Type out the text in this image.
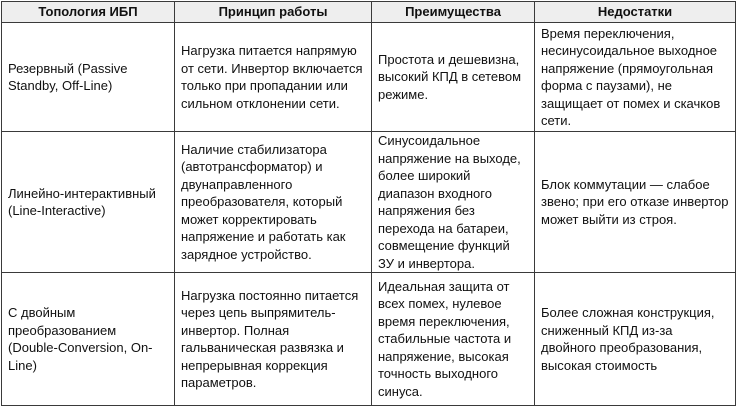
Топология ИБП	Принцип работы	Преимущества	Недостатки
Резервный (Passive Standby, Off-Line)	Нагрузка питается напрямую от сети. Инвертор включается только при пропадании или сильном отклонении сети.	Простота и дешевизна, высокий КПД в сетевом режиме.	Время переключения, несинусоидальное выходное напряжение (прямоугольная форма с паузами), не защищает от помех и скачков сети.
Линейно-интерактивный (Line-Interactive)	Наличие стабилизатора (автотрансформатор) и двунаправленного преобразователя, который может корректировать напряжение и работать как зарядное устройство.	Синусоидальное напряжение на выходе, более широкий диапазон входного напряжения без перехода на батареи, совмещение функций ЗУ и инвертора.	Блок коммутации — слабое звено; при его отказе инвертор может выйти из строя.
С двойным преобразованием (Double-Conversion, On-Line)	Нагрузка постоянно питается через цепь выпрямитель-инвертор. Полная гальваническая развязка и непрерывная коррекция параметров.	Идеальная защита от всех помех, нулевое время переключения, стабильные частота и напряжение, высокая точность выходного синуса.	Более сложная конструкция, сниженный КПД из-за двойного преобразования, высокая стоимость
